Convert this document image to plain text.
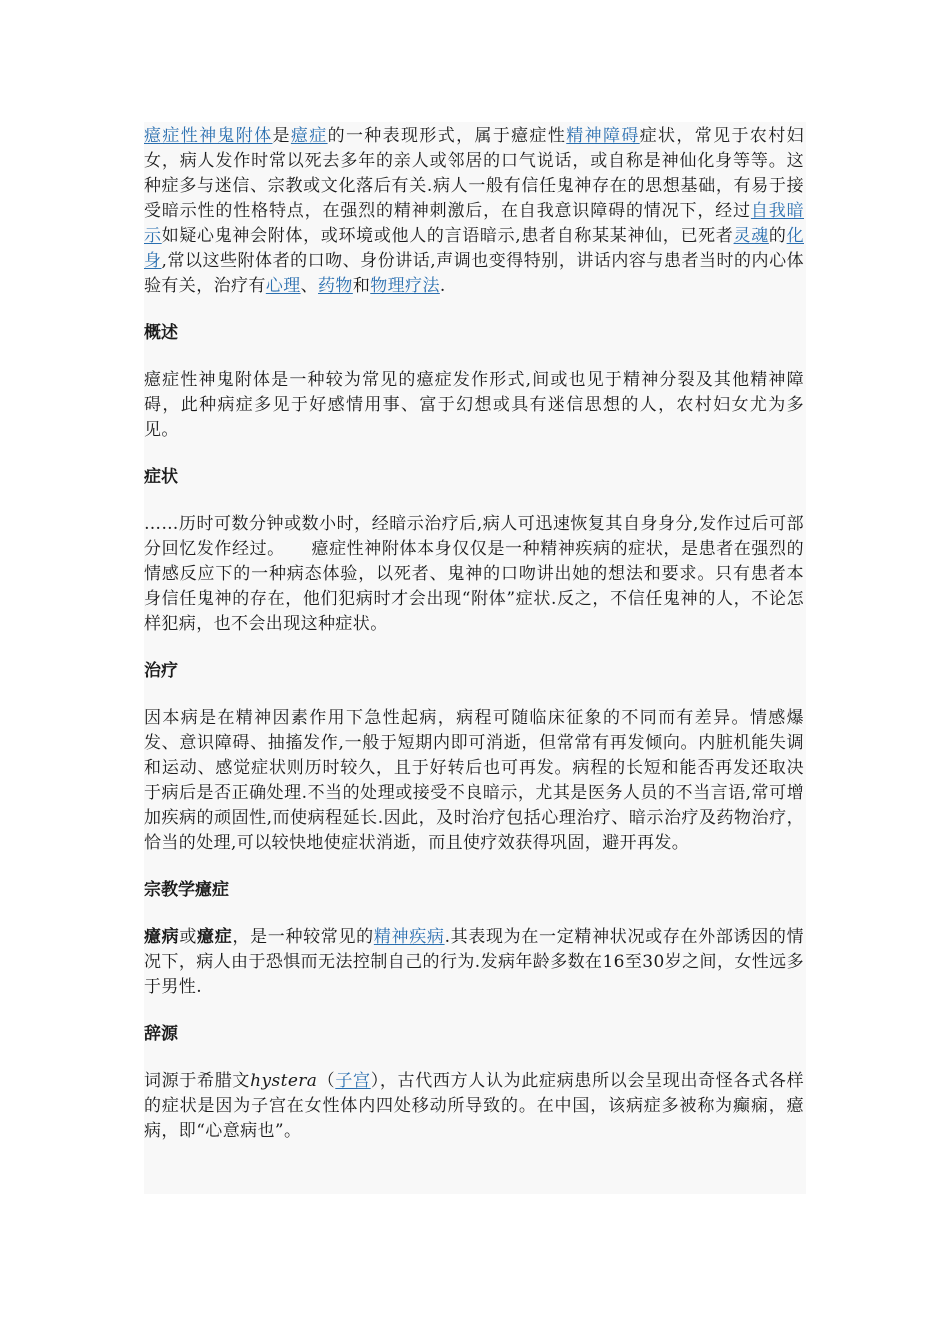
癔症性神鬼附体是癔症的一种表现形式，属于癔症性精神障碍症状，常见于农村妇女，病人发作时常以死去多年的亲人或邻居的口气说话，或自称是神仙化身等等。这种症多与迷信、宗教或文化落后有关.病人一般有信任鬼神存在的思想基础，有易于接受暗示性的性格特点，在强烈的精神刺激后，在自我意识障碍的情况下，经过自我暗示如疑心鬼神会附体，或环境或他人的言语暗示,患者自称某某神仙，已死者灵魂的化身,常以这些附体者的口吻、身份讲话,声调也变得特别，讲话内容与患者当时的内心体验有关，治疗有心理、药物和物理疗法.

概述

癔症性神鬼附体是一种较为常见的癔症发作形式,间或也见于精神分裂及其他精神障碍，此种病症多见于好感情用事、富于幻想或具有迷信思想的人，农村妇女尤为多见。

症状

……历时可数分钟或数小时，经暗示治疗后,病人可迅速恢复其自身身分,发作过后可部分回忆发作经过。　　癔症性神附体本身仅仅是一种精神疾病的症状，是患者在强烈的情感反应下的一种病态体验，以死者、鬼神的口吻讲出她的想法和要求。只有患者本身信任鬼神的存在，他们犯病时才会出现“附体”症状.反之，不信任鬼神的人，不论怎样犯病，也不会出现这种症状。

治疗

因本病是在精神因素作用下急性起病，病程可随临床征象的不同而有差异。情感爆发、意识障碍、抽搐发作,一般于短期内即可消逝，但常常有再发倾向。内脏机能失调和运动、感觉症状则历时较久，且于好转后也可再发。病程的长短和能否再发还取决于病后是否正确处理.不当的处理或接受不良暗示，尤其是医务人员的不当言语,常可增加疾病的顽固性,而使病程延长.因此，及时治疗包括心理治疗、暗示治疗及药物治疗，恰当的处理,可以较快地使症状消逝，而且使疗效获得巩固，避开再发。

宗教学癔症

癔病或癔症，是一种较常见的精神疾病.其表现为在一定精神状况或存在外部诱因的情况下，病人由于恐惧而无法控制自己的行为.发病年龄多数在16至30岁之间，女性远多于男性.

辞源

词源于希腊文hystera（子宫），古代西方人认为此症病患所以会呈现出奇怪各式各样的症状是因为子宫在女性体内四处移动所导致的。在中国，该病症多被称为癫痫，癔病，即“心意病也”。
